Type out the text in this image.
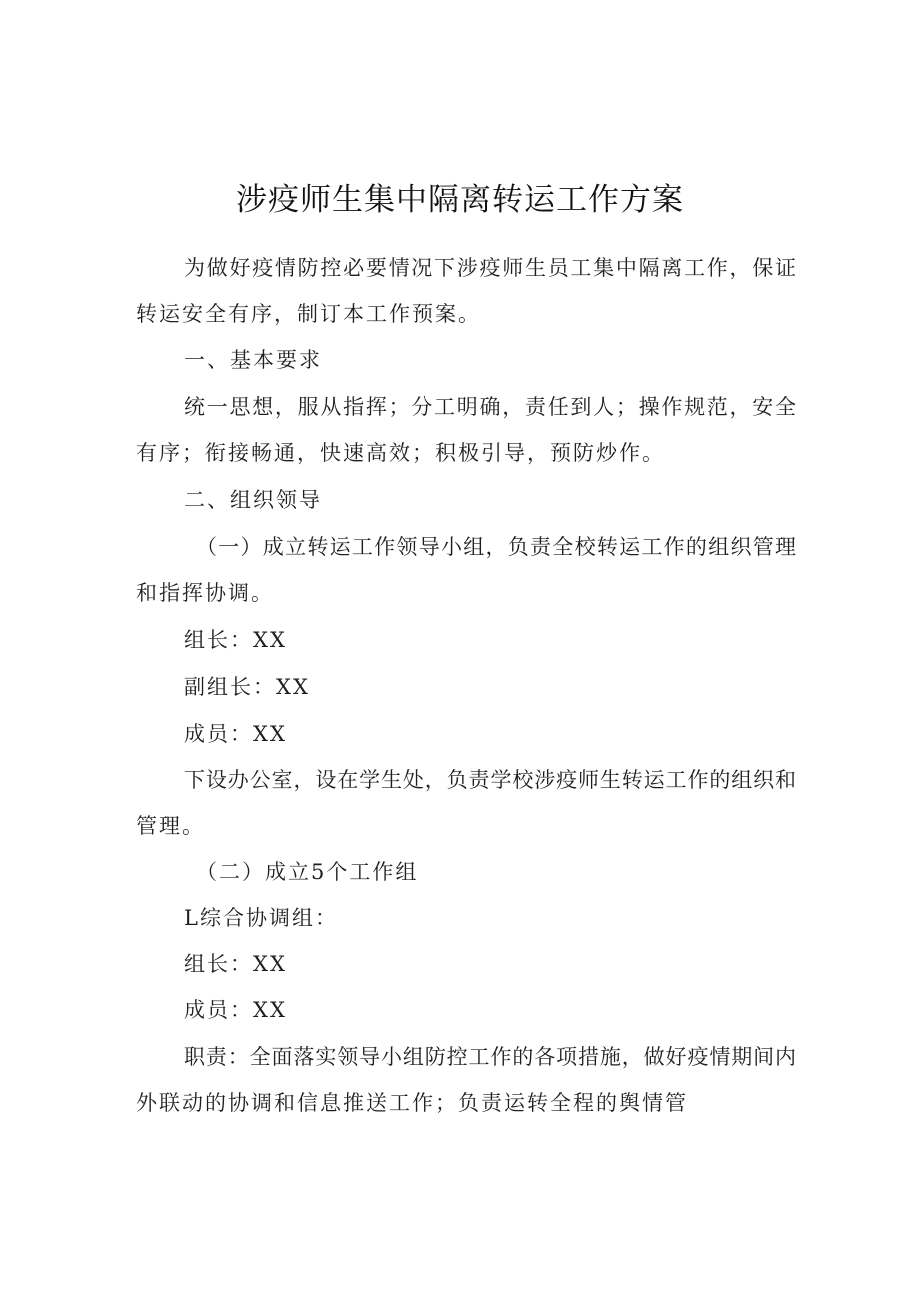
涉疫师生集中隔离转运工作方案
为做好疫情防控必要情况下涉疫师生员工集中隔离工作，保证
转运安全有序，制订本工作预案。
一、基本要求
统一思想，服从指挥；分工明确，责任到人；操作规范，安全
有序；衔接畅通，快速高效；积极引导，预防炒作。
二、组织领导
（一）成立转运工作领导小组，负责全校转运工作的组织管理
和指挥协调。
组长：XX
副组长：XX
成员：XX
下设办公室，设在学生处，负责学校涉疫师生转运工作的组织和
管理。
（二）成立5个工作组
L综合协调组：
组长：XX
成员：XX
职责：全面落实领导小组防控工作的各项措施，做好疫情期间内
外联动的协调和信息推送工作；负责运转全程的舆情管
